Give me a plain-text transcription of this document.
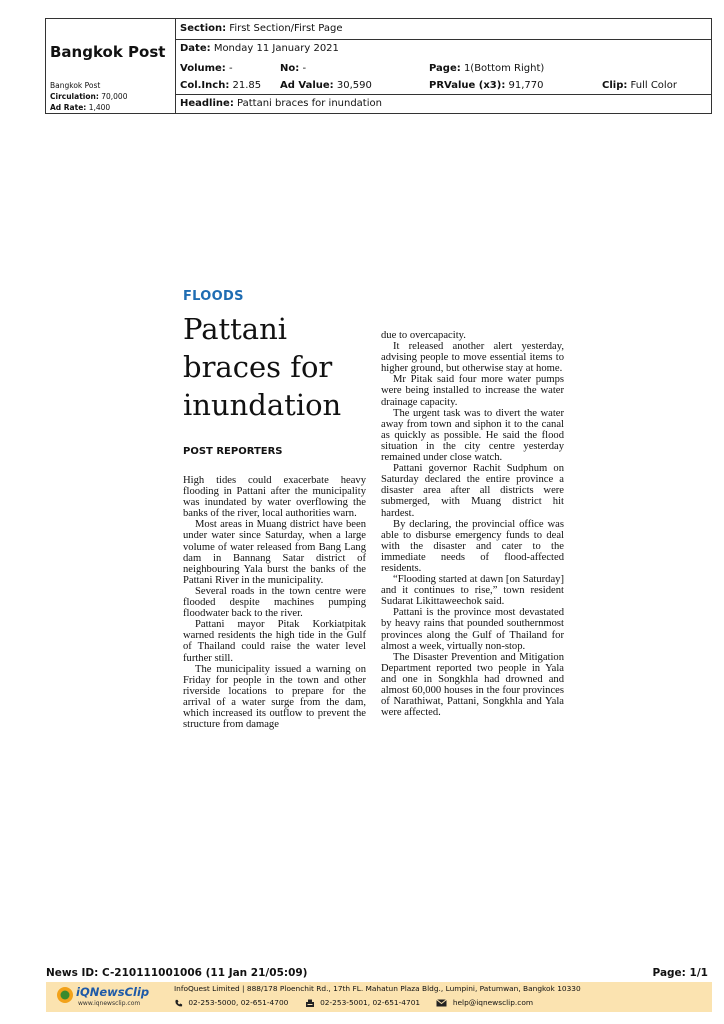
Bangkok Post
Bangkok Post
Circulation: 70,000
Ad Rate: 1,400
Section: First Section/First Page
Date: Monday 11 January 2021
Volume: -	No: -	Page: 1(Bottom Right)
Col.Inch: 21.85 Ad Value: 30,590	PRValue (x3): 91,770	Clip: Full Color
Headline: Pattani braces for inundation
FLOODS
Pattani
braces for
inundation
POST REPORTERS

High tides could exacerbate heavy flooding in Pattani after the municipality was inundated by water overflowing the banks of the river, local authorities warn.

Most areas in Muang district have been under water since Saturday, when a large volume of water released from Bang Lang dam in Bannang Satar district of neighbouring Yala burst the banks of the Pattani River in the municipality.

Several roads in the town centre were flooded despite machines pumping floodwater back to the river.

Pattani mayor Pitak Korkiatpitak warned residents the high tide in the Gulf of Thailand could raise the water level further still.

The municipality issued a warning on Friday for people in the town and other riverside locations to prepare for the arrival of a water surge from the dam, which increased its outflow to prevent the structure from damage

due to overcapacity.

It released another alert yesterday, advising people to move essential items to higher ground, but otherwise stay at home.

Mr Pitak said four more water pumps were being installed to increase the water drainage capacity.

The urgent task was to divert the water away from town and siphon it to the canal as quickly as possible. He said the flood situation in the city centre yesterday remained under close watch.

Pattani governor Rachit Sudphum on Saturday declared the entire province a disaster area after all districts were submerged, with Muang district hit hardest.

By declaring, the provincial office was able to disburse emergency funds to deal with the disaster and cater to the immediate needs of flood-affected residents.

“Flooding started at dawn [on Saturday] and it continues to rise,” town resident Sudarat Likittaweechok said.

Pattani is the province most devastated by heavy rains that pounded southernmost provinces along the Gulf of Thailand for almost a week, virtually non-stop.

The Disaster Prevention and Mitigation Department reported two people in Yala and one in Songkhla had drowned and almost 60,000 houses in the four provinces of Narathiwat, Pattani, Songkhla and Yala were affected.

News ID: C-210111001006 (11 Jan 21/05:09)	Page: 1/1
iQNewsClip
www.iqnewsclip.com
InfoQuest Limited | 888/178 Ploenchit Rd., 17th FL. Mahatun Plaza Bldg., Lumpini, Patumwan, Bangkok 10330
02-253-5000, 02-651-4700	02-253-5001, 02-651-4701	help@iqnewsclip.com
